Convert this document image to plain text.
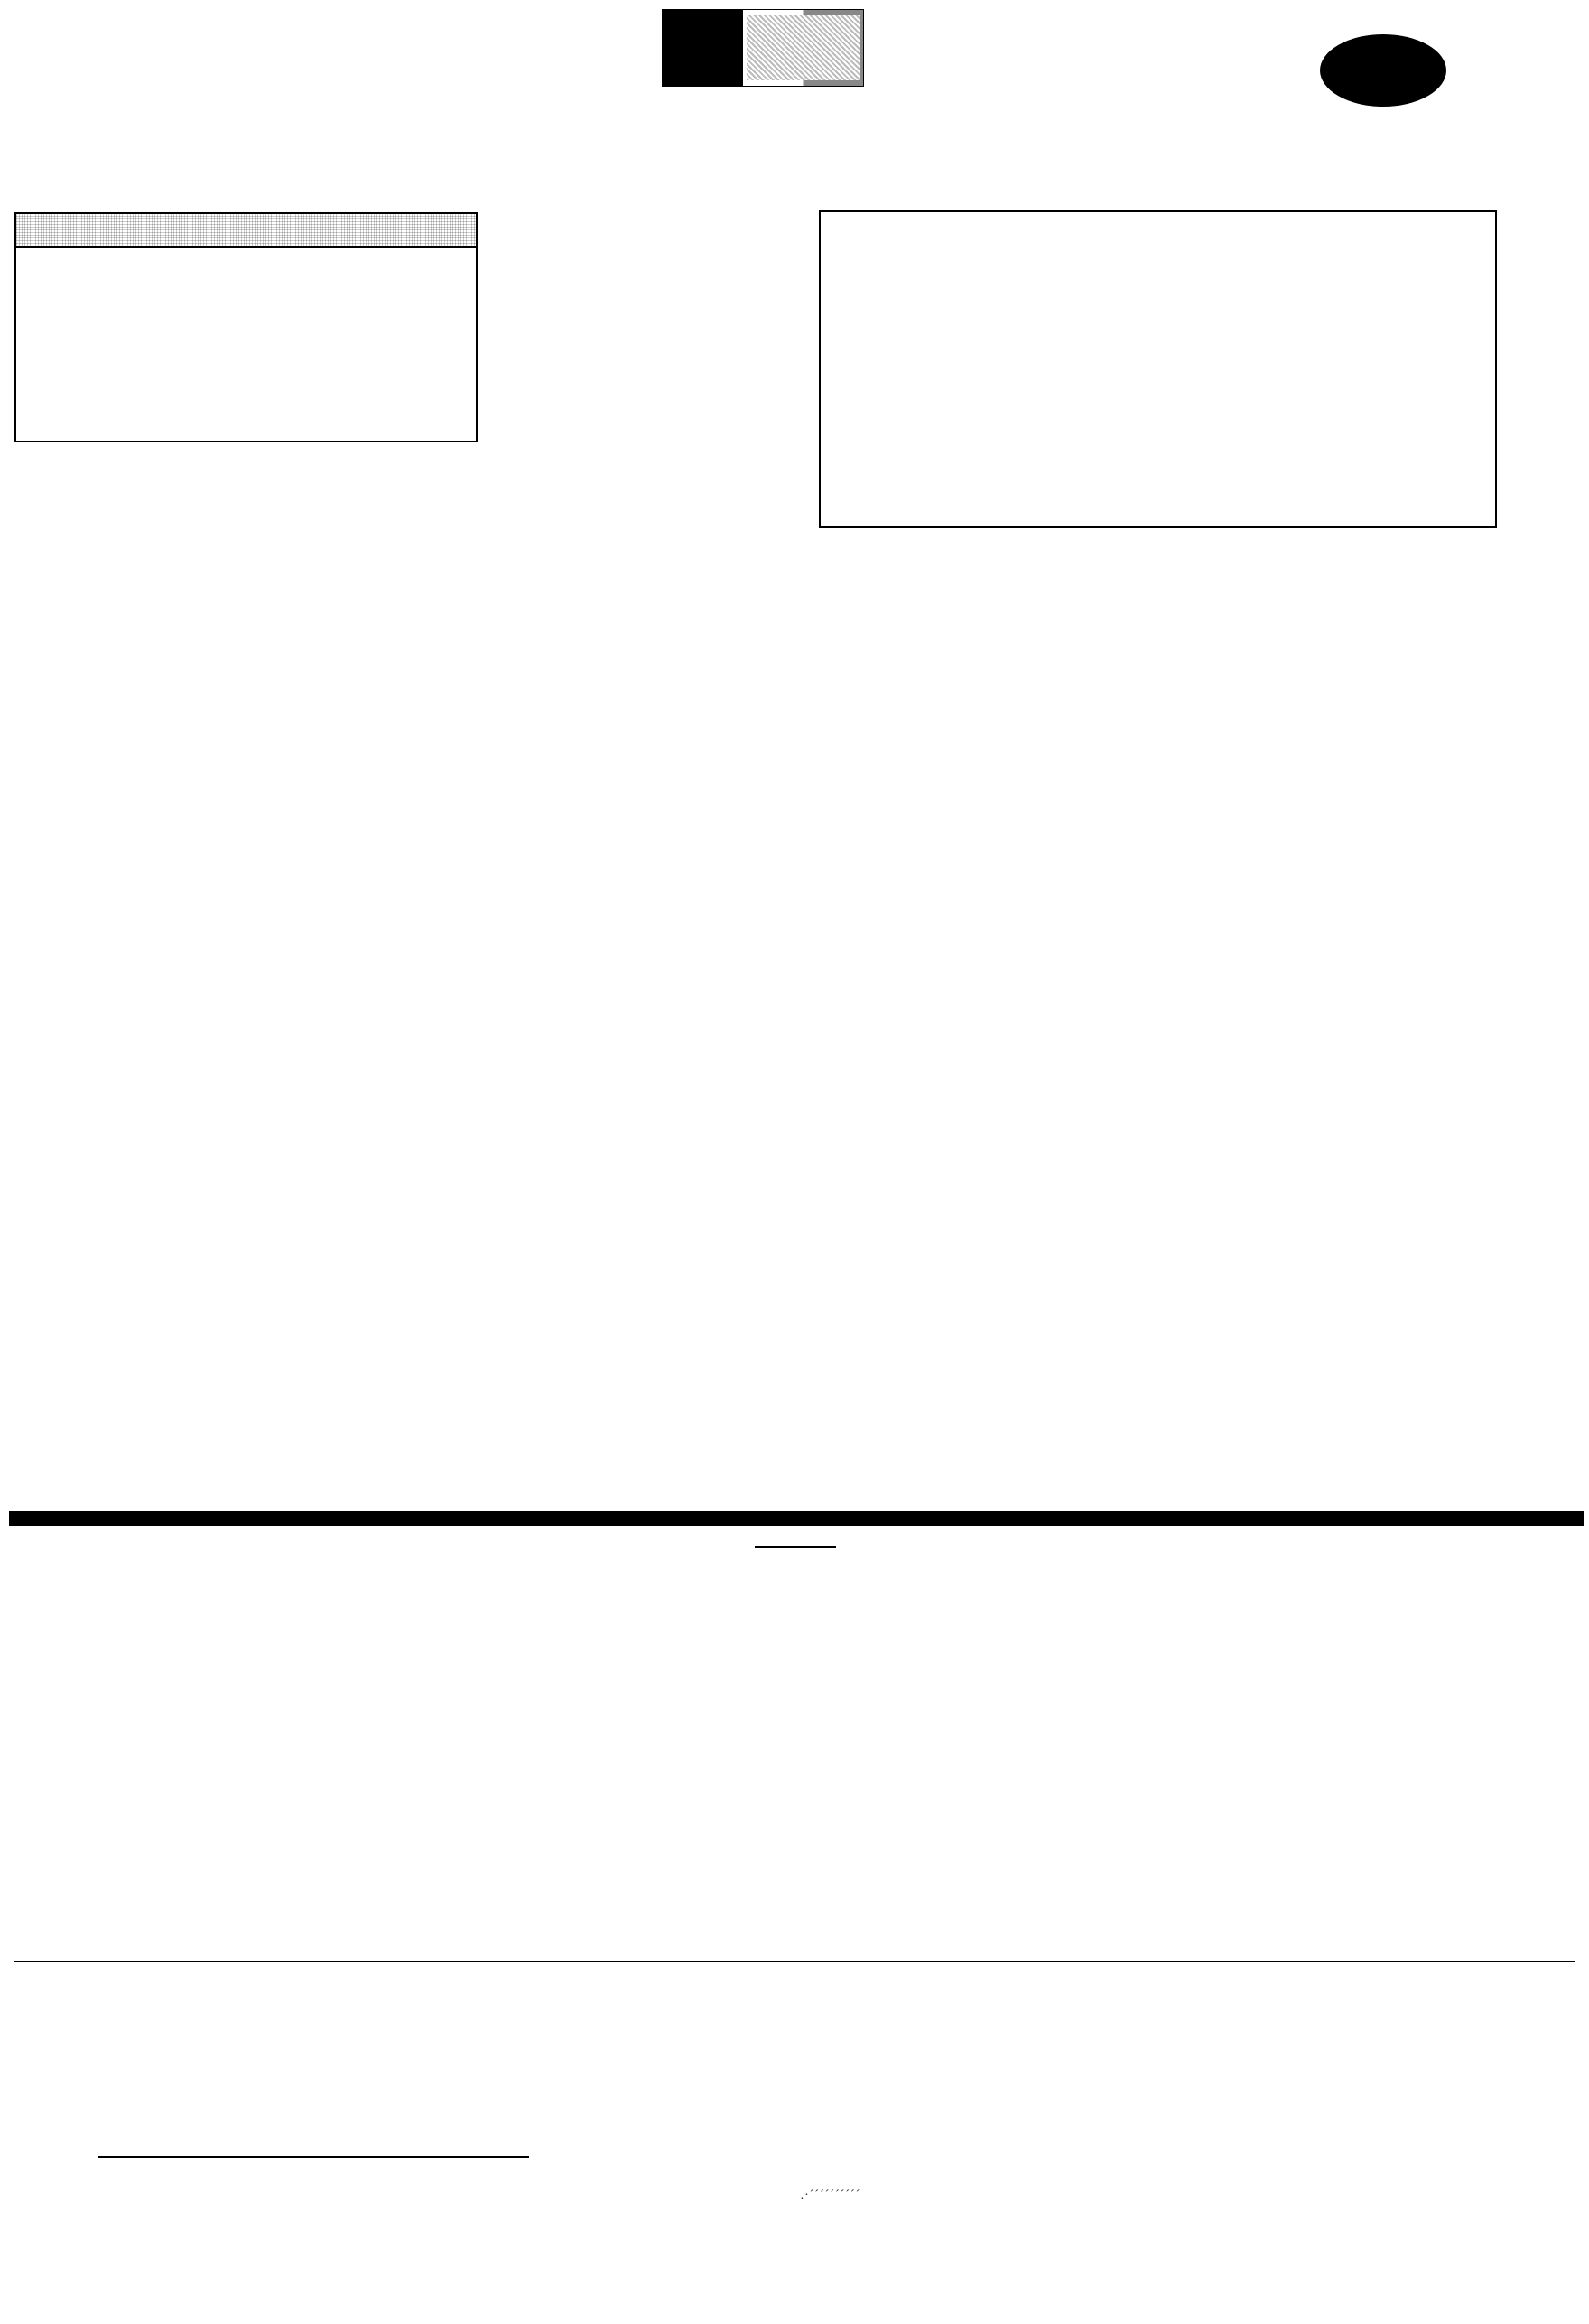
.·´´´´´´´´´´
